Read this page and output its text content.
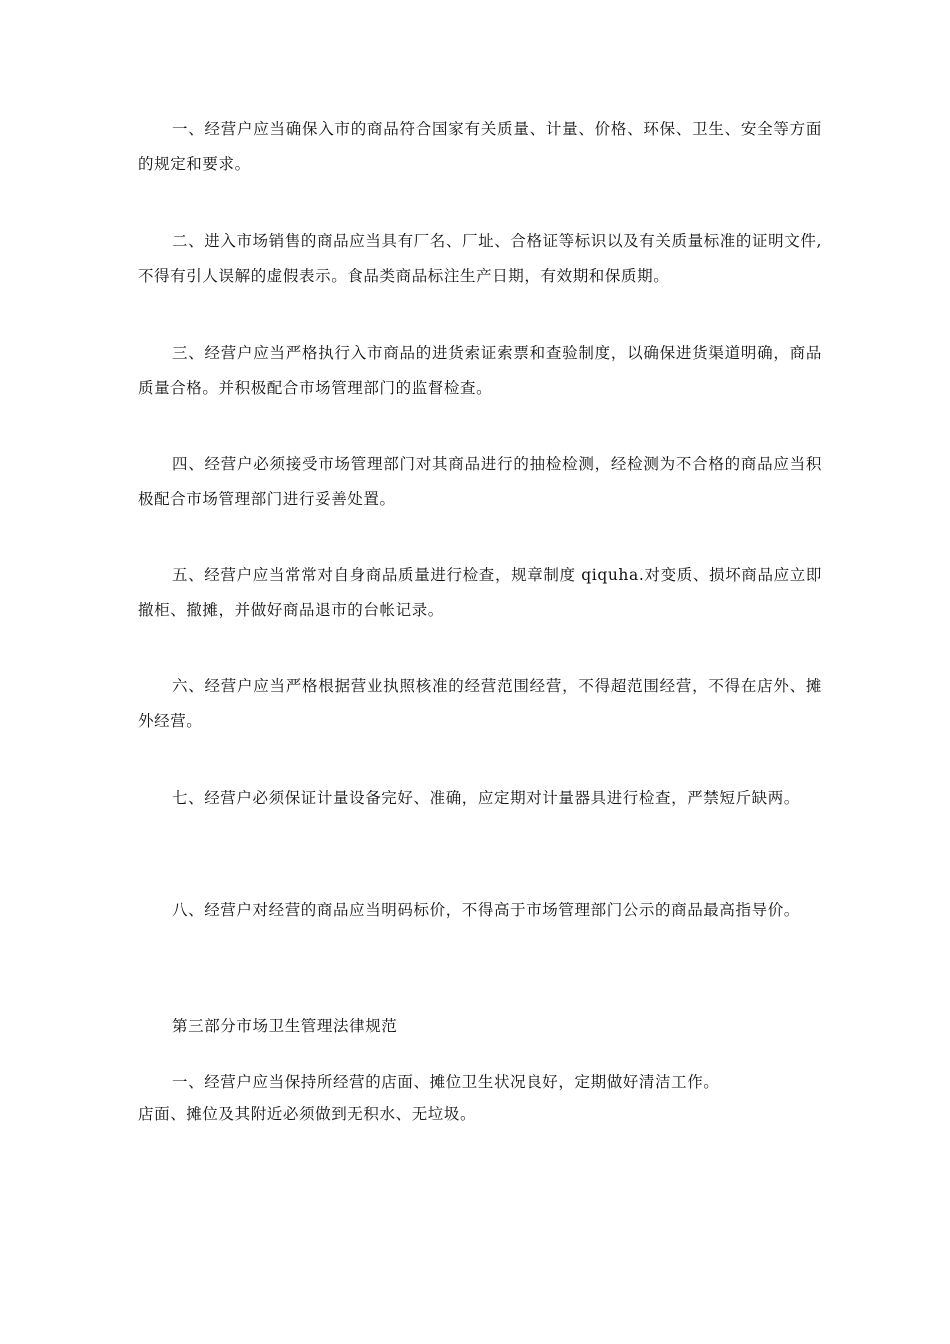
一、经营户应当确保入市的商品符合国家有关质量、计量、价格、环保、卫生、安全等方面的规定和要求。

二、进入市场销售的商品应当具有厂名、厂址、合格证等标识以及有关质量标准的证明文件,不得有引人误解的虚假表示。食品类商品标注生产日期，有效期和保质期。

三、经营户应当严格执行入市商品的进货索证索票和查验制度，以确保进货渠道明确，商品质量合格。并积极配合市场管理部门的监督检查。

四、经营户必须接受市场管理部门对其商品进行的抽检检测，经检测为不合格的商品应当积极配合市场管理部门进行妥善处置。

五、经营户应当常常对自身商品质量进行检查，规章制度 qiquha.对变质、损坏商品应立即撤柜、撤摊，并做好商品退市的台帐记录。

六、经营户应当严格根据营业执照核准的经营范围经营，不得超范围经营，不得在店外、摊外经营。

七、经营户必须保证计量设备完好、准确，应定期对计量器具进行检查，严禁短斤缺两。

八、经营户对经营的商品应当明码标价，不得高于市场管理部门公示的商品最高指导价。

第三部分市场卫生管理法律规范

一、经营户应当保持所经营的店面、摊位卫生状况良好，定期做好清洁工作。

店面、摊位及其附近必须做到无积水、无垃圾。
